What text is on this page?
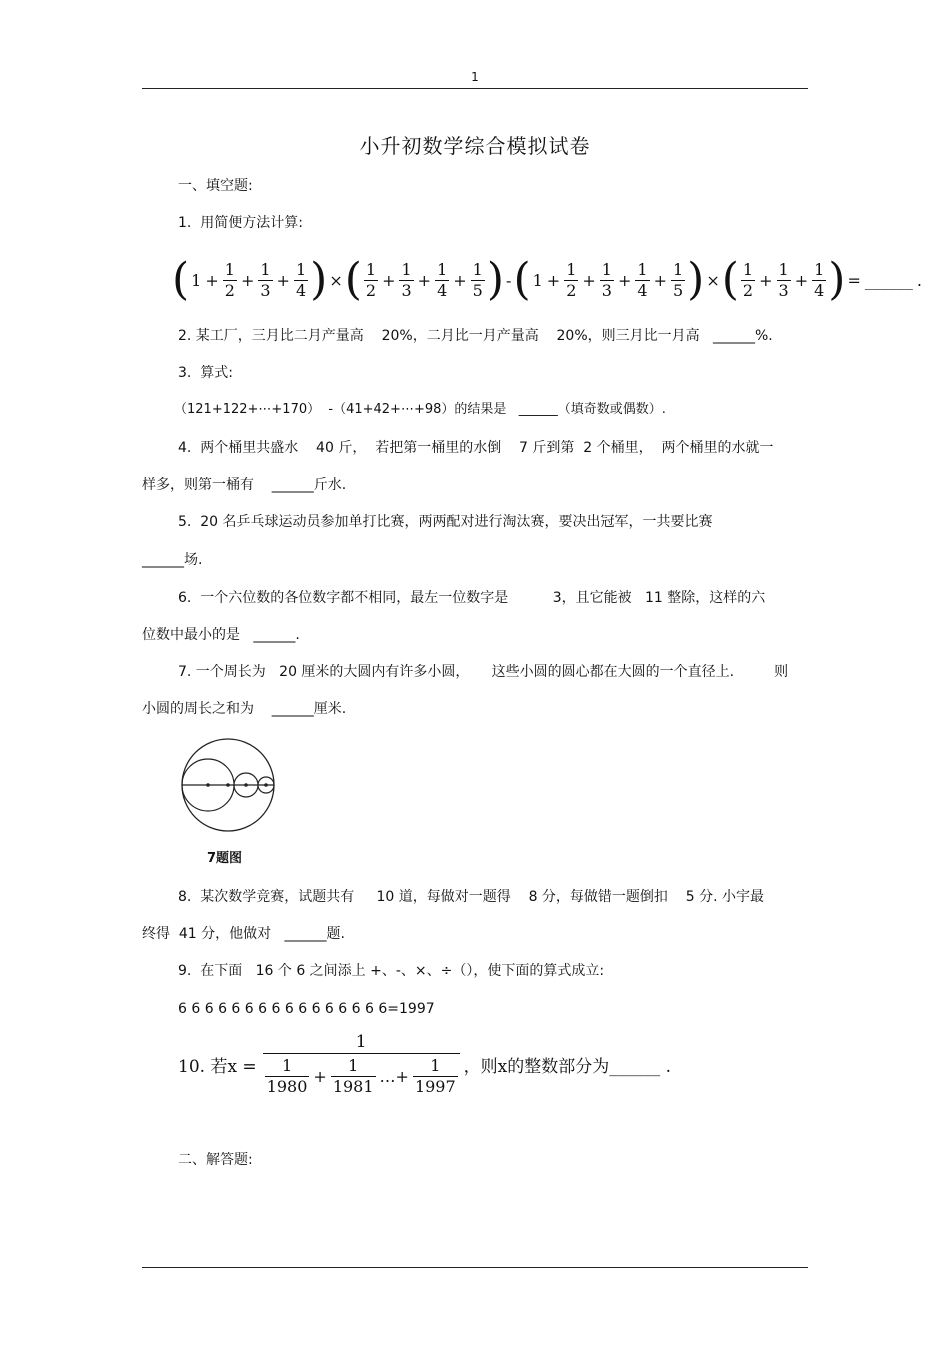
1
小升初数学综合模拟试卷
一、填空题:
1.  用简便方法计算:
( $1 + \frac{1}{2} + \frac{1}{3} + \frac{1}{4}$ ) × ( $\frac{1}{2} + \frac{1}{3} + \frac{1}{4} + \frac{1}{5}$ ) - ( $1 + \frac{1}{2} + \frac{1}{3} + \frac{1}{4} + \frac{1}{5}$ ) × ( $\frac{1}{2} + \frac{1}{3} + \frac{1}{4}$ ) = ______ .
2. 某工厂，三月比二月产量高    20%，二月比一月产量高    20%，则三月比一月高   ______%.
3.  算式:
（121+122+⋯+170）  -（41+42+⋯+98）的结果是   ______（填奇数或偶数）.
4.  两个桶里共盛水    40 斤，  若把第一桶里的水倒    7 斤到第  2 个桶里，  两个桶里的水就一
样多，则第一桶有    ______斤水.
5.  20 名乒乓球运动员参加单打比赛，两两配对进行淘汰赛，要决出冠军，一共要比赛
______场.
6.  一个六位数的各位数字都不相同，最左一位数字是          3，且它能被   11 整除，这样的六
位数中最小的是   ______.
7. 一个周长为   20 厘米的大圆内有许多小圆，     这些小圆的圆心都在大圆的一个直径上.         则
小圆的周长之和为    ______厘米.
7题图
8.  某次数学竞赛，试题共有     10 道，每做对一题得    8 分，每做错一题倒扣    5 分. 小宇最
终得  41 分，他做对   ______题.
9.  在下面   16 个 6 之间添上 +、-、×、÷（），使下面的算式成立:
6 6 6 6 6 6 6 6 6 6 6 6 6 6 6 6=1997
10. 若$x = \frac{1}{\frac{1}{1980} + \frac{1}{1981} \dots+ \frac{1}{1997}}$ ，则x的整数部分为______ .
二、解答题:
